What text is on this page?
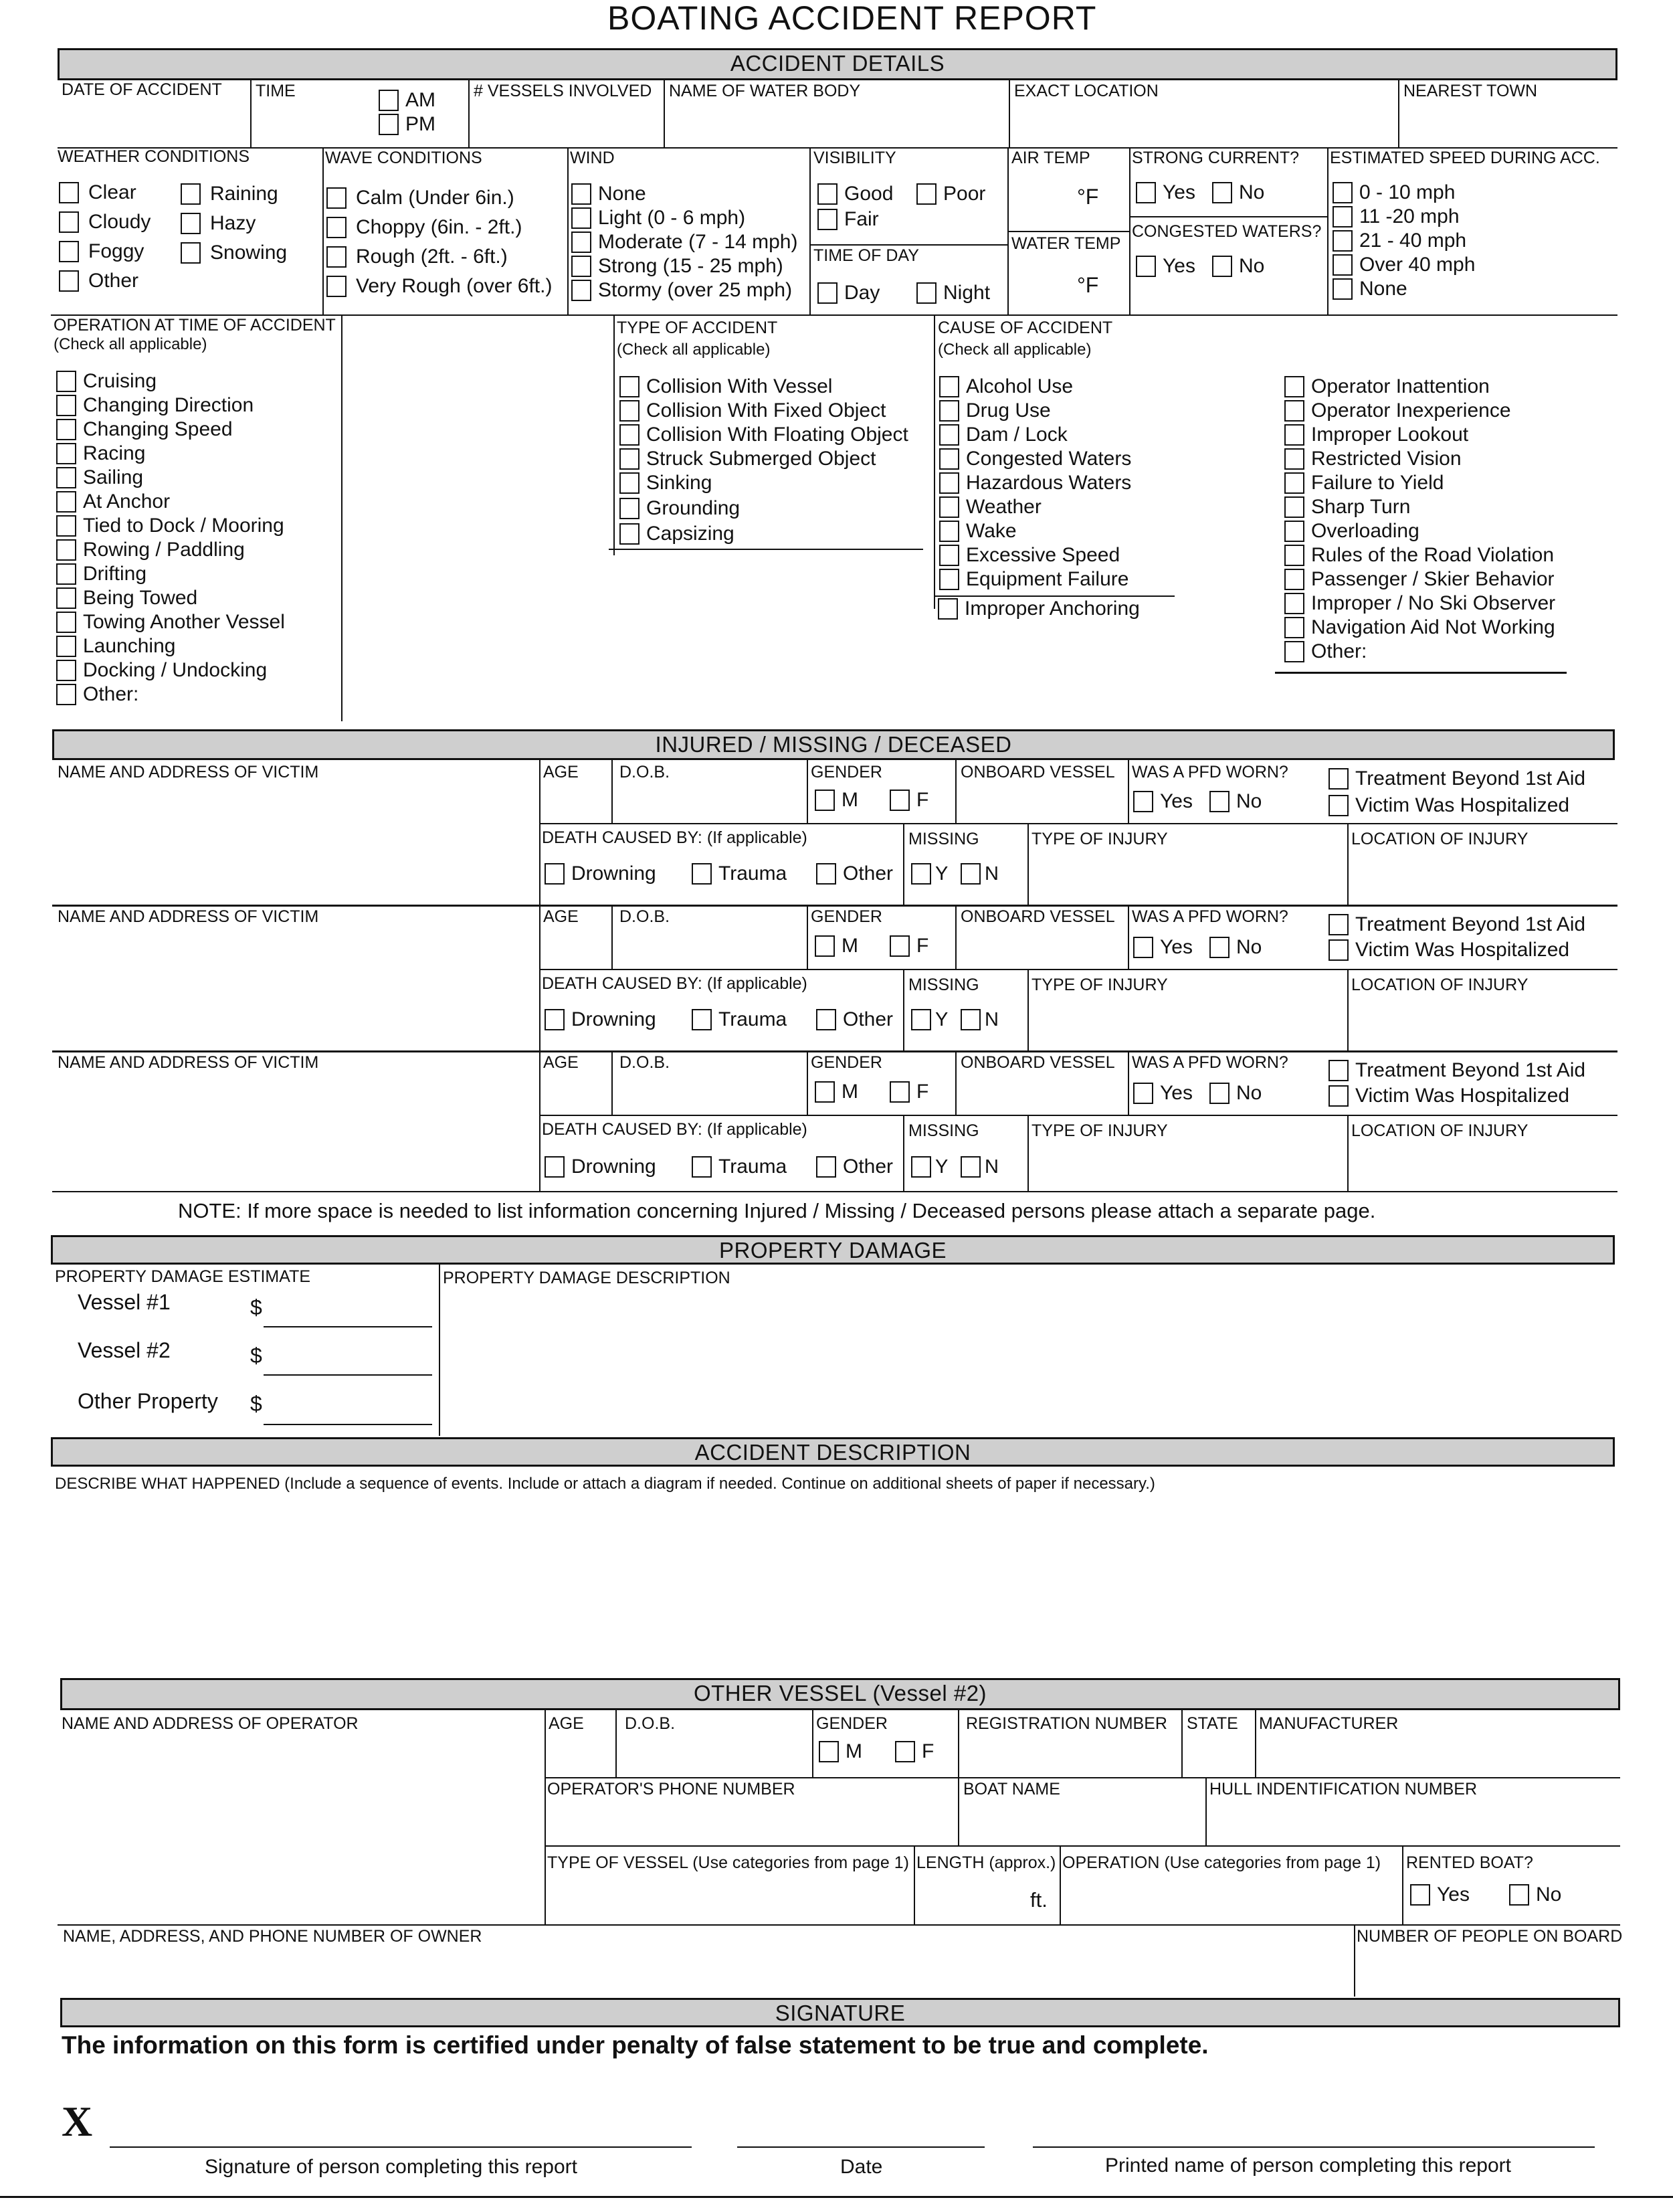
BOATING ACCIDENT REPORT
ACCIDENT DETAILS
DATE OF ACCIDENT TIME	AM
PM
# VESSELS INVOLVED NAME OF WATER BODY	EXACT LOCATION	NEAREST TOWN
WEATHER CONDITIONS
Clear
Cloudy
Foggy
Other
Raining
Hazy
Snowing
WAVE CONDITIONS
Calm (Under 6in.)
Choppy (6in. - 2ft.)
Rough (2ft. - 6ft.)
Very Rough (over 6ft.)
WIND
None
Light (0 - 6 mph)
Moderate (7 - 14 mph)
Strong (15 - 25 mph)
Stormy (over 25 mph)
VISIBILITY
Good Poor
Fair
TIME OF DAY
Day	Night
AIR TEMP
°F
WATER TEMP
°F
STRONG CURRENT?
Yes No
CONGESTED WATERS?
Yes No
ESTIMATED SPEED DURING ACC.
0 - 10 mph
11 -20 mph
21 - 40 mph
Over 40 mph
None
OPERATION AT TIME OF ACCIDENT
(Check all applicable)
Cruising
Changing Direction
Changing Speed
Racing
Sailing
At Anchor
Tied to Dock / Mooring
Rowing / Paddling
Drifting
Being Towed
Towing Another Vessel
Launching
Docking / Undocking
Other:
TYPE OF ACCIDENT
(Check all applicable)
Collision With Vessel
Collision With Fixed Object
Collision With Floating Object
Struck Submerged Object
Sinking
Grounding
Capsizing
CAUSE OF ACCIDENT
(Check all applicable)
Alcohol Use
Drug Use
Dam / Lock
Congested Waters
Hazardous Waters
Weather
Wake
Excessive Speed
Equipment Failure
Improper Anchoring
Operator Inattention
Operator Inexperience
Improper Lookout
Restricted Vision
Failure to Yield
Sharp Turn
Overloading
Rules of the Road Violation
Passenger / Skier Behavior
Improper / No Ski Observer
Navigation Aid Not Working
Other:
INJURED / MISSING / DECEASED
NAME AND ADDRESS OF VICTIM	AGE D.O.B.	GENDER
M	F
ONBOARD VESSEL WAS A PFD WORN?
Yes No
Treatment Beyond 1st Aid
Victim Was Hospitalized
DEATH CAUSED BY: (If applicable)
Drowning	Trauma	Other
MISSING
Y N
TYPE OF INJURY	LOCATION OF INJURY
NAME AND ADDRESS OF VICTIM	AGE D.O.B.	GENDER
M	F
ONBOARD VESSEL WAS A PFD WORN?
Yes No
Treatment Beyond 1st Aid
Victim Was Hospitalized
DEATH CAUSED BY: (If applicable)
Drowning	Trauma	Other
MISSING
Y N
TYPE OF INJURY	LOCATION OF INJURY
NAME AND ADDRESS OF VICTIM	AGE D.O.B.	GENDER
M	F
ONBOARD VESSEL WAS A PFD WORN?
Yes No
Treatment Beyond 1st Aid
Victim Was Hospitalized
DEATH CAUSED BY: (If applicable)
Drowning	Trauma	Other
MISSING
Y N
TYPE OF INJURY	LOCATION OF INJURY
NOTE: If more space is needed to list information concerning Injured / Missing / Deceased persons please attach a separate page.
PROPERTY DAMAGE
PROPERTY DAMAGE ESTIMATE
Vessel #1	$
Vessel #2	$
Other Property $
PROPERTY DAMAGE DESCRIPTION
ACCIDENT DESCRIPTION
DESCRIBE WHAT HAPPENED (Include a sequence of events. Include or attach a diagram if needed. Continue on additional sheets of paper if necessary.)
OTHER VESSEL (Vessel #2)
NAME AND ADDRESS OF OPERATOR	AGE D.O.B.	GENDER
M	F
REGISTRATION NUMBER STATE MANUFACTURER
OPERATOR'S PHONE NUMBER	BOAT NAME	HULL INDENTIFICATION NUMBER
TYPE OF VESSEL (Use categories from page 1) LENGTH (approx.)
ft.
OPERATION (Use categories from page 1) RENTED BOAT?
Yes	No
NAME, ADDRESS, AND PHONE NUMBER OF OWNER	NUMBER OF PEOPLE ON BOARD
SIGNATURE
The information on this form is certified under penalty of false statement to be true and complete.
X
Signature of person completing this report	Date	Printed name of person completing this report
